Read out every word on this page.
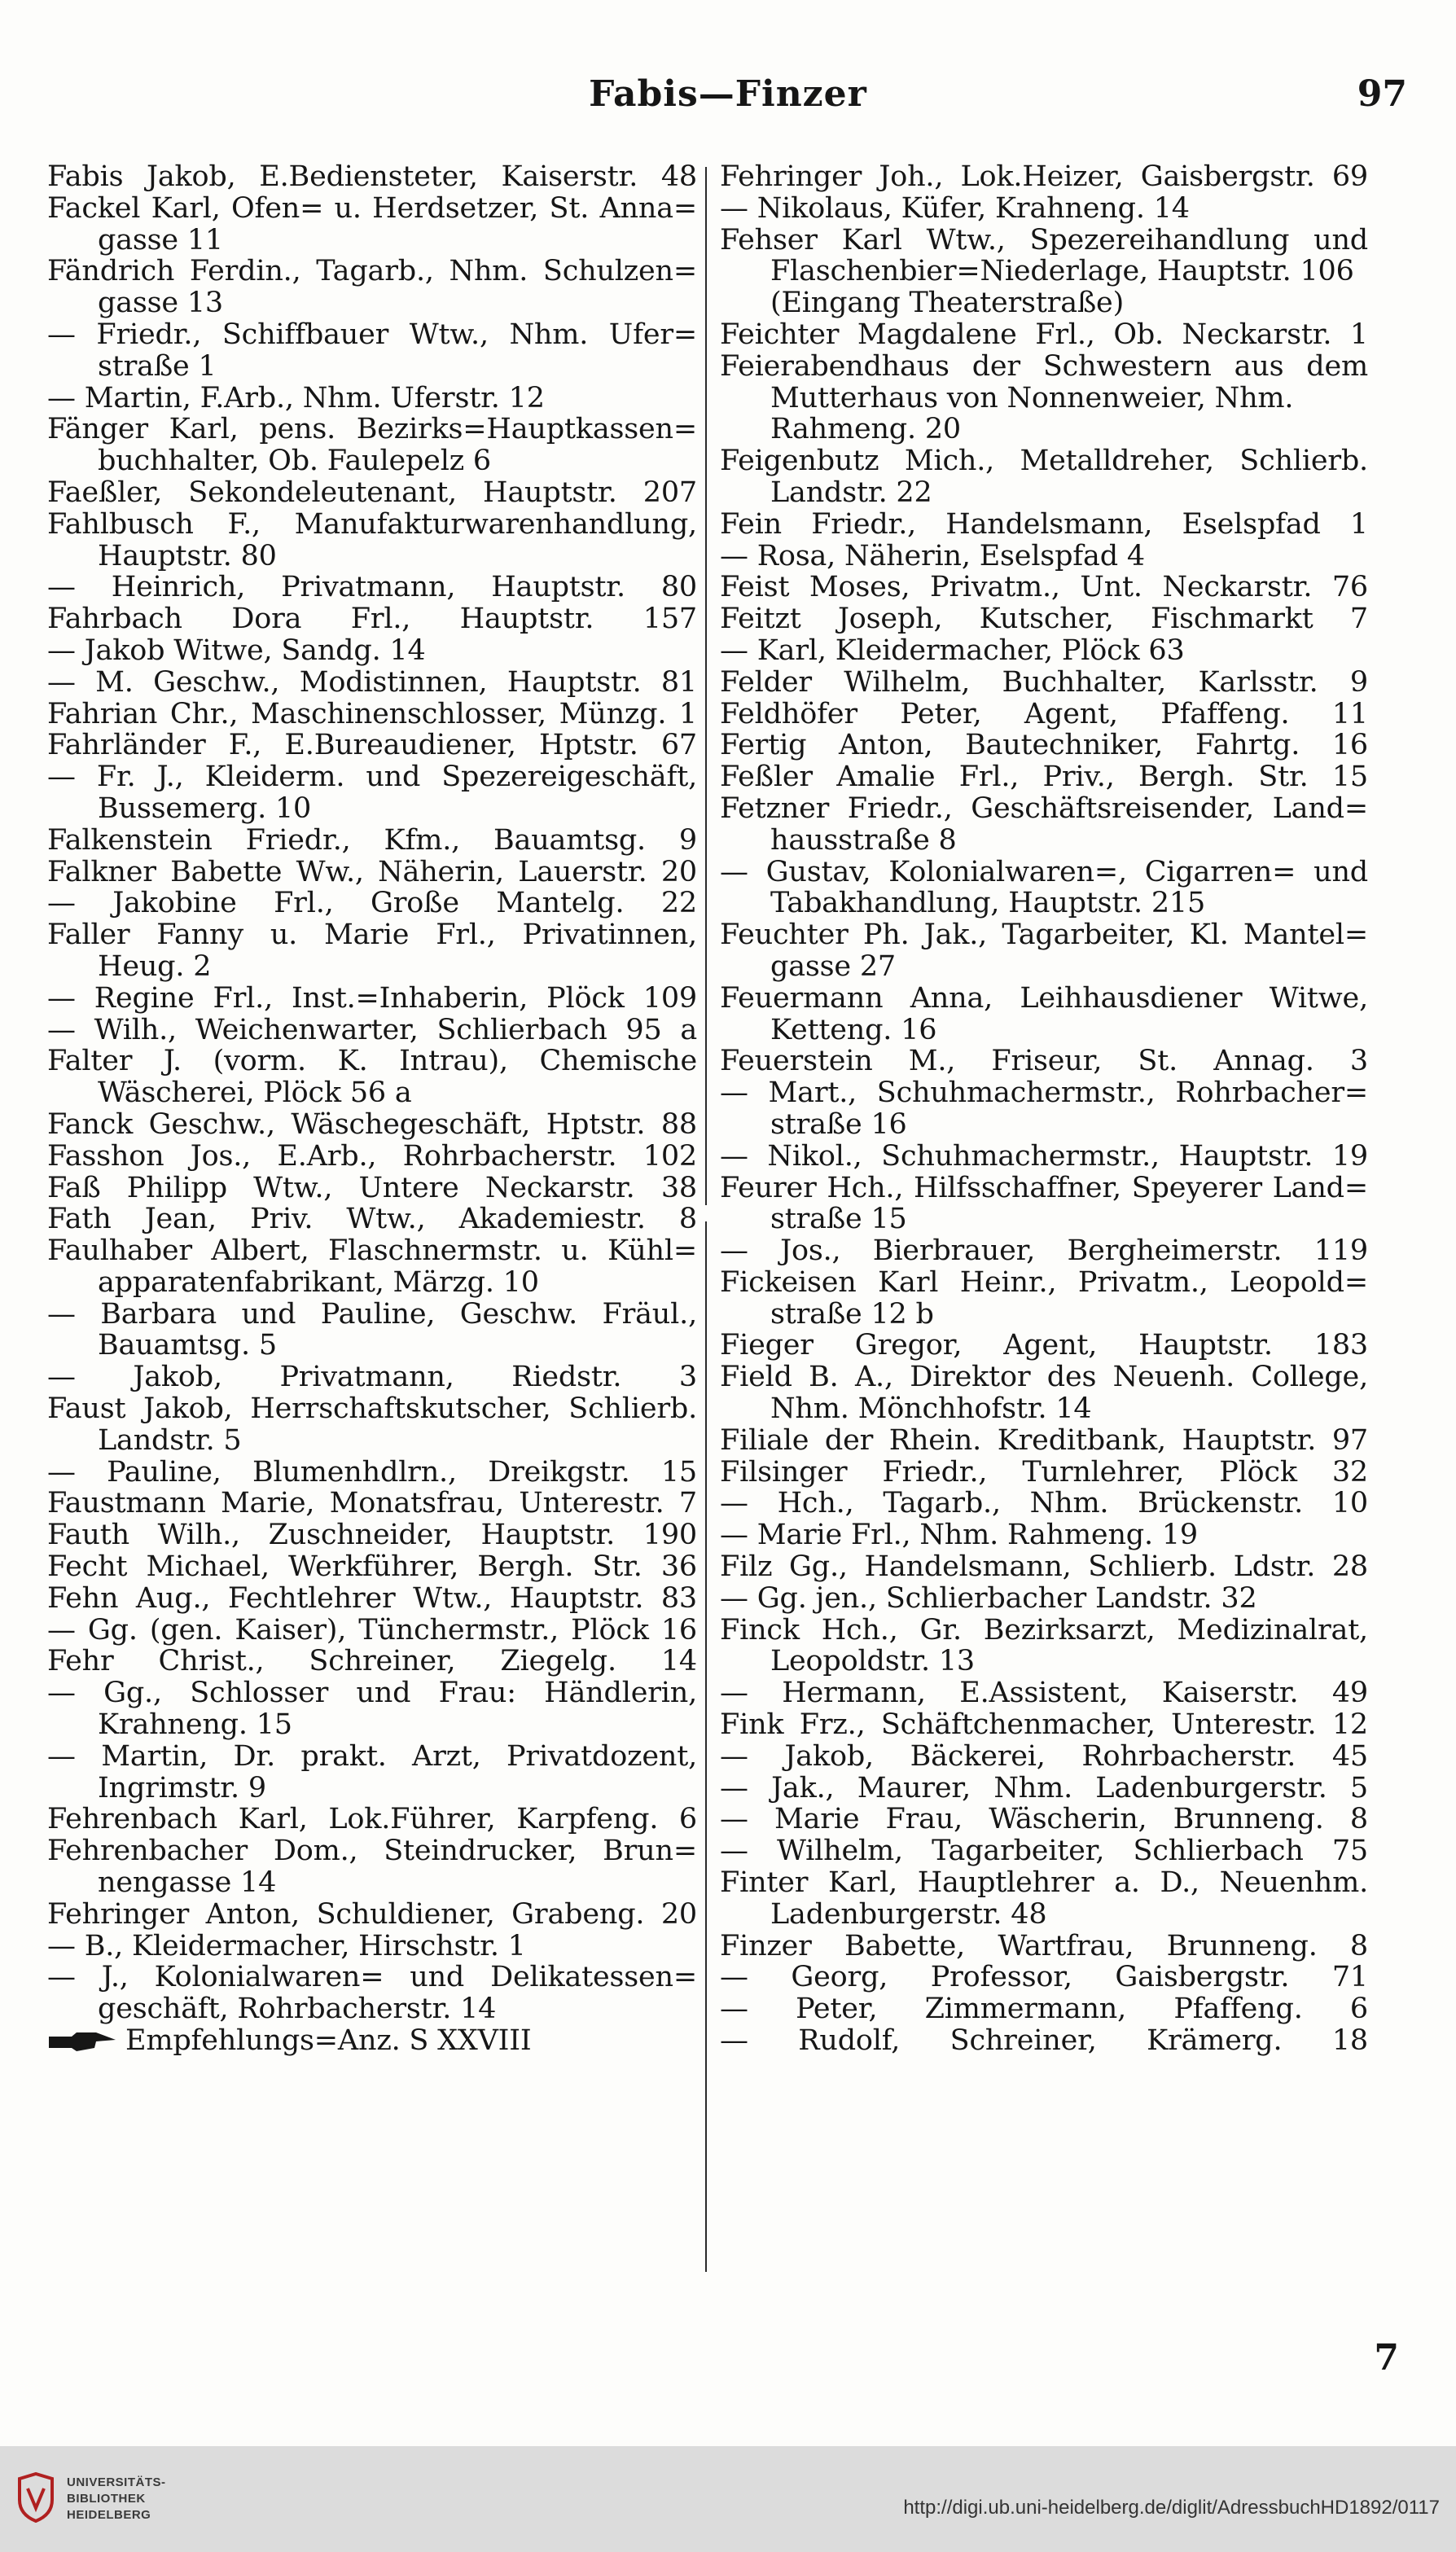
Fabis—Finzer	97
Fabis Jakob, E.Bediensteter, Kaiserstr. 48
Fackel Karl, Ofen= u. Herdsetzer, St. Anna=
gasse 11
Fändrich Ferdin., Tagarb., Nhm. Schulzen=
gasse 13
— Friedr., Schiffbauer Wtw., Nhm. Ufer=
straße 1
— Martin, F.Arb., Nhm. Uferstr. 12
Fänger Karl, pens. Bezirks=Hauptkassen=
buchhalter, Ob. Faulepelz 6
Faeßler, Sekondeleutenant, Hauptstr. 207
Fahlbusch F., Manufakturwarenhandlung,
Hauptstr. 80
— Heinrich, Privatmann, Hauptstr. 80
Fahrbach Dora Frl., Hauptstr. 157
— Jakob Witwe, Sandg. 14
— M. Geschw., Modistinnen, Hauptstr. 81
Fahrian Chr., Maschinenschlosser, Münzg. 1
Fahrländer F., E.Bureaudiener, Hptstr. 67
— Fr. J., Kleiderm. und Spezereigeschäft,
Bussemerg. 10
Falkenstein Friedr., Kfm., Bauamtsg. 9
Falkner Babette Ww., Näherin, Lauerstr. 20
— Jakobine Frl., Große Mantelg. 22
Faller Fanny u. Marie Frl., Privatinnen,
Heug. 2
— Regine Frl., Inst.=Inhaberin, Plöck 109
— Wilh., Weichenwarter, Schlierbach 95 a
Falter J. (vorm. K. Intrau), Chemische
Wäscherei, Plöck 56 a
Fanck Geschw., Wäschegeschäft, Hptstr. 88
Fasshon Jos., E.Arb., Rohrbacherstr. 102
Faß Philipp Wtw., Untere Neckarstr. 38
Fath Jean, Priv. Wtw., Akademiestr. 8
Faulhaber Albert, Flaschnermstr. u. Kühl=
apparatenfabrikant, Märzg. 10
— Barbara und Pauline, Geschw. Fräul.,
Bauamtsg. 5
— Jakob, Privatmann, Riedstr. 3
Faust Jakob, Herrschaftskutscher, Schlierb.
Landstr. 5
— Pauline, Blumenhdlrn., Dreikgstr. 15
Faustmann Marie, Monatsfrau, Unterestr. 7
Fauth Wilh., Zuschneider, Hauptstr. 190
Fecht Michael, Werkführer, Bergh. Str. 36
Fehn Aug., Fechtlehrer Wtw., Hauptstr. 83
— Gg. (gen. Kaiser), Tünchermstr., Plöck 16
Fehr Christ., Schreiner, Ziegelg. 14
— Gg., Schlosser und Frau: Händlerin,
Krahneng. 15
— Martin, Dr. prakt. Arzt, Privatdozent,
Ingrimstr. 9
Fehrenbach Karl, Lok.Führer, Karpfeng. 6
Fehrenbacher Dom., Steindrucker, Brun=
nengasse 14
Fehringer Anton, Schuldiener, Grabeng. 20
— B., Kleidermacher, Hirschstr. 1
— J., Kolonialwaren= und Delikatessen=
geschäft, Rohrbacherstr. 14
Empfehlungs=Anz. S XXVIII
Fehringer Joh., Lok.Heizer, Gaisbergstr. 69
— Nikolaus, Küfer, Krahneng. 14
Fehser Karl Wtw., Spezereihandlung und
Flaschenbier=Niederlage, Hauptstr. 106
(Eingang Theaterstraße)
Feichter Magdalene Frl., Ob. Neckarstr. 1
Feierabendhaus der Schwestern aus dem
Mutterhaus von Nonnenweier, Nhm.
Rahmeng. 20
Feigenbutz Mich., Metalldreher, Schlierb.
Landstr. 22
Fein Friedr., Handelsmann, Eselspfad 1
— Rosa, Näherin, Eselspfad 4
Feist Moses, Privatm., Unt. Neckarstr. 76
Feitzt Joseph, Kutscher, Fischmarkt 7
— Karl, Kleidermacher, Plöck 63
Felder Wilhelm, Buchhalter, Karlsstr. 9
Feldhöfer Peter, Agent, Pfaffeng. 11
Fertig Anton, Bautechniker, Fahrtg. 16
Feßler Amalie Frl., Priv., Bergh. Str. 15
Fetzner Friedr., Geschäftsreisender, Land=
hausstraße 8
— Gustav, Kolonialwaren=, Cigarren= und
Tabakhandlung, Hauptstr. 215
Feuchter Ph. Jak., Tagarbeiter, Kl. Mantel=
gasse 27
Feuermann Anna, Leihhausdiener Witwe,
Ketteng. 16
Feuerstein M., Friseur, St. Annag. 3
— Mart., Schuhmachermstr., Rohrbacher=
straße 16
— Nikol., Schuhmachermstr., Hauptstr. 19
Feurer Hch., Hilfsschaffner, Speyerer Land=
straße 15
— Jos., Bierbrauer, Bergheimerstr. 119
Fickeisen Karl Heinr., Privatm., Leopold=
straße 12 b
Fieger Gregor, Agent, Hauptstr. 183
Field B. A., Direktor des Neuenh. College,
Nhm. Mönchhofstr. 14
Filiale der Rhein. Kreditbank, Hauptstr. 97
Filsinger Friedr., Turnlehrer, Plöck 32
— Hch., Tagarb., Nhm. Brückenstr. 10
— Marie Frl., Nhm. Rahmeng. 19
Filz Gg., Handelsmann, Schlierb. Ldstr. 28
— Gg. jen., Schlierbacher Landstr. 32
Finck Hch., Gr. Bezirksarzt, Medizinalrat,
Leopoldstr. 13
— Hermann, E.Assistent, Kaiserstr. 49
Fink Frz., Schäftchenmacher, Unterestr. 12
— Jakob, Bäckerei, Rohrbacherstr. 45
— Jak., Maurer, Nhm. Ladenburgerstr. 5
— Marie Frau, Wäscherin, Brunneng. 8
— Wilhelm, Tagarbeiter, Schlierbach 75
Finter Karl, Hauptlehrer a. D., Neuenhm.
Ladenburgerstr. 48
Finzer Babette, Wartfrau, Brunneng. 8
— Georg, Professor, Gaisbergstr. 71
— Peter, Zimmermann, Pfaffeng. 6
— Rudolf, Schreiner, Krämerg. 18
7
UNIVERSITÄTS-
BIBLIOTHEK
HEIDELBERG	http://digi.ub.uni-heidelberg.de/diglit/AdressbuchHD1892/0117
